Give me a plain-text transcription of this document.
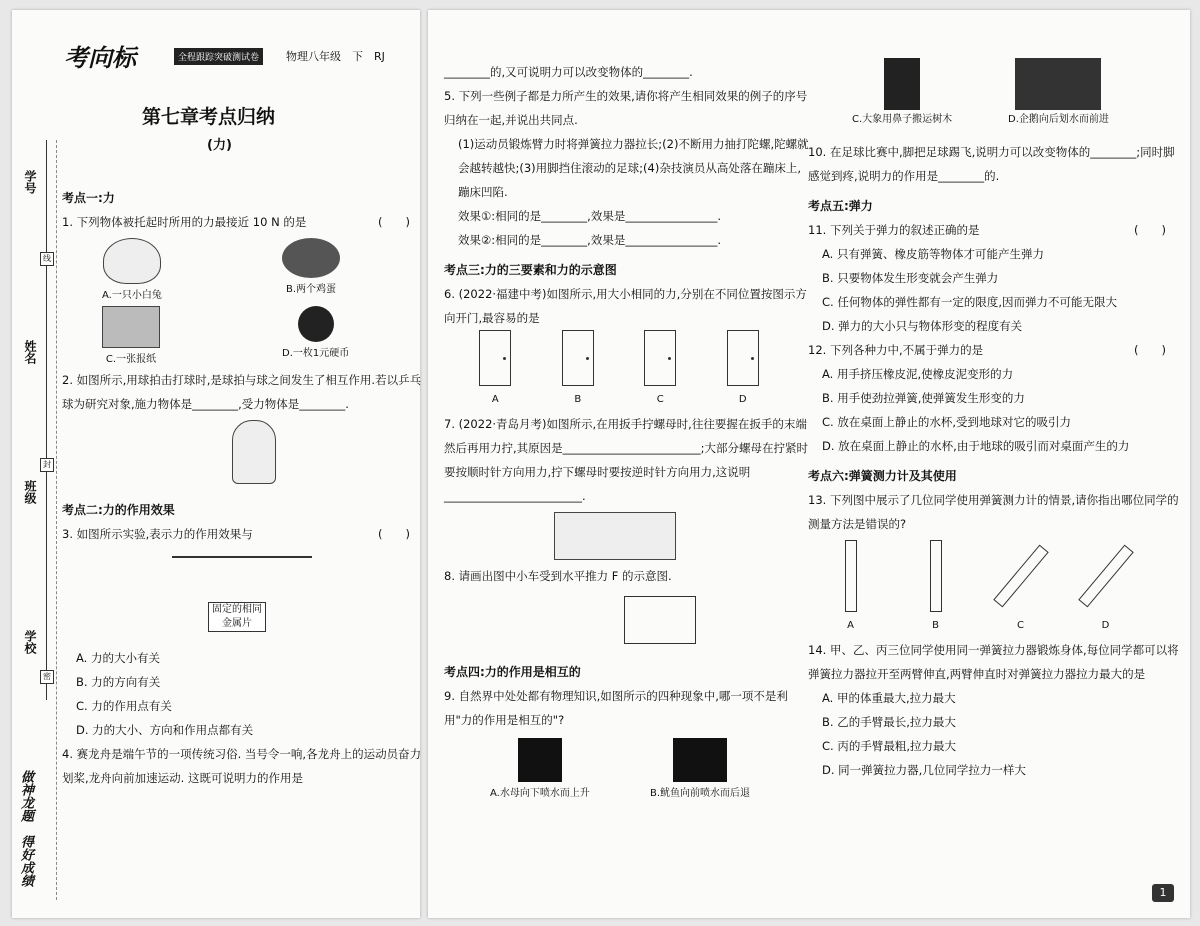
考向标	全程跟踪突破测试卷	物理八年级　下　RJ
学号
姓名
班级
学校
线
封
密
做神龙题　得好成绩
第七章考点归纳
(力)
考点一:力

1. 下列物体被托起时所用的力最接近 10 N 的是	(　　)

A.一只小白兔
B.两个鸡蛋
C.一张报纸
D.一枚1元硬币

2. 如图所示,用球拍击打球时,是球拍与球之间发生了相互作用.若以乒乓球为研究对象,施力物体是________,受力物体是________.

考点二:力的作用效果

3. 如图所示实验,表示力的作用效果与	(　　)

固定的相同金属片

A. 力的大小有关

B. 力的方向有关

C. 力的作用点有关

D. 力的大小、方向和作用点都有关

4. 赛龙舟是端午节的一项传统习俗. 当号令一响,各龙舟上的运动员奋力划桨,龙舟向前加速运动. 这既可说明力的作用是

________的,又可说明力可以改变物体的________.

5. 下列一些例子都是力所产生的效果,请你将产生相同效果的例子的序号归纳在一起,并说出共同点.

(1)运动员锻炼臂力时将弹簧拉力器拉长;(2)不断用力抽打陀螺,陀螺就会越转越快;(3)用脚挡住滚动的足球;(4)杂技演员从高处落在蹦床上,蹦床凹陷.

效果①:相同的是________,效果是________________.

效果②:相同的是________,效果是________________.

考点三:力的三要素和力的示意图

6. (2022·福建中考)如图所示,用大小相同的力,分别在不同位置按图示方向开门,最容易的是

A	B	C	D

7. (2022·青岛月考)如图所示,在用扳手拧螺母时,往往要握在扳手的末端然后再用力拧,其原因是________________________;大部分螺母在拧紧时要按顺时针方向用力,拧下螺母时要按逆时针方向用力,这说明________________________.

8. 请画出图中小车受到水平推力 F 的示意图.

考点四:力的作用是相互的

9. 自然界中处处都有物理知识,如图所示的四种现象中,哪一项不是利用"力的作用是相互的"?

A.水母向下喷水而上升	B.鱿鱼向前喷水而后退
C.大象用鼻子搬运树木	D.企鹅向后划水而前进

10. 在足球比赛中,脚把足球踢飞,说明力可以改变物体的________;同时脚感觉到疼,说明力的作用是________的.

考点五:弹力

11. 下列关于弹力的叙述正确的是	(　　)

A. 只有弹簧、橡皮筋等物体才可能产生弹力

B. 只要物体发生形变就会产生弹力

C. 任何物体的弹性都有一定的限度,因而弹力不可能无限大

D. 弹力的大小只与物体形变的程度有关

12. 下列各种力中,不属于弹力的是	(　　)

A. 用手挤压橡皮泥,使橡皮泥变形的力

B. 用手使劲拉弹簧,使弹簧发生形变的力

C. 放在桌面上静止的水杯,受到地球对它的吸引力

D. 放在桌面上静止的水杯,由于地球的吸引而对桌面产生的力

考点六:弹簧测力计及其使用

13. 下列图中展示了几位同学使用弹簧测力计的情景,请你指出哪位同学的测量方法是错误的?

A	B	C	D

14. 甲、乙、丙三位同学使用同一弹簧拉力器锻炼身体,每位同学都可以将弹簧拉力器拉开至两臂伸直,两臂伸直时对弹簧拉力器拉力最大的是

A. 甲的体重最大,拉力最大

B. 乙的手臂最长,拉力最大

C. 丙的手臂最粗,拉力最大

D. 同一弹簧拉力器,几位同学拉力一样大

1
